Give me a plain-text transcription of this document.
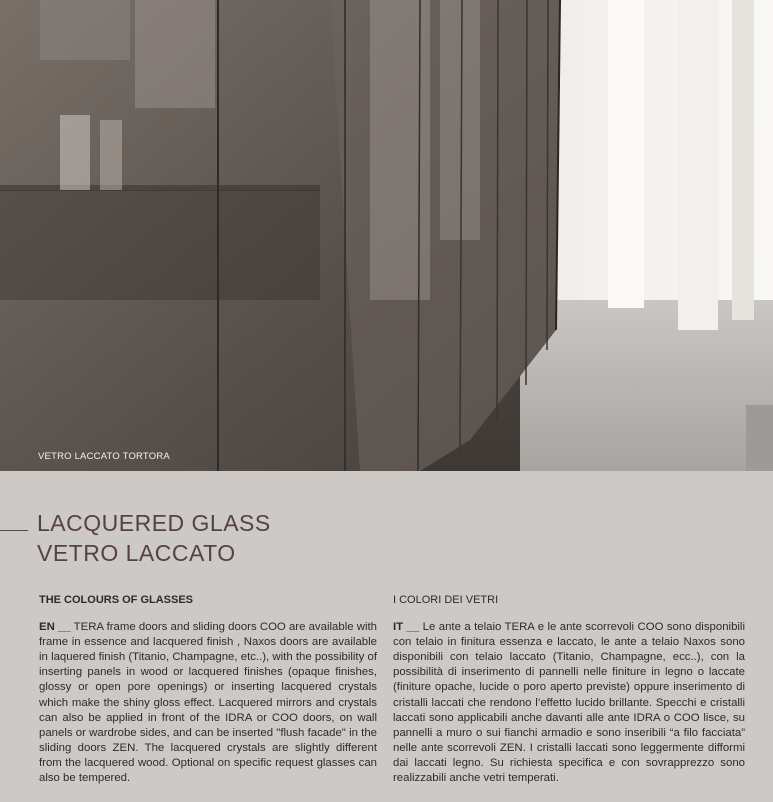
VETRO LACCATO TORTORA
LACQUERED GLASS
VETRO LACCATO
THE COLOURS OF GLASSES
EN __ TERA frame doors and sliding doors COO are available with frame in essence and lacquered finish , Naxos doors are available in laquered finish (Titanio, Champagne, etc..), with the possibility of inserting panels in wood or lacquered finishes (opaque finishes, glossy or open pore openings) or inserting lacquered crystals which make the shiny gloss effect. Lacquered mirrors and crystals can also be applied in front of the IDRA or COO doors, on wall panels or wardrobe sides, and can be inserted "flush facade" in the sliding doors ZEN. The lacquered crystals are slightly different from the lacquered wood. Optional on specific request glasses can also be tempered.
I COLORI DEI VETRI
IT __ Le ante a telaio TERA e le ante scorrevoli COO sono disponibili con telaio in finitura essenza e laccato, le ante a telaio Naxos sono disponibili con telaio laccato (Titanio, Champagne, ecc..), con la possibilità di inserimento di pannelli nelle finiture in legno o laccate (finiture opache, lucide o poro aperto previste) oppure inserimento di cristalli laccati che rendono l’effetto lucido brillante. Specchi e cristalli laccati sono applicabili anche davanti alle ante IDRA o COO lisce, su pannelli a muro o sui fianchi armadio e sono inseribili “a filo facciata” nelle ante scorrevoli ZEN. I cristalli laccati sono leggermente difformi dai laccati legno. Su richiesta specifica e con sovrapprezzo sono realizzabili anche vetri temperati.
